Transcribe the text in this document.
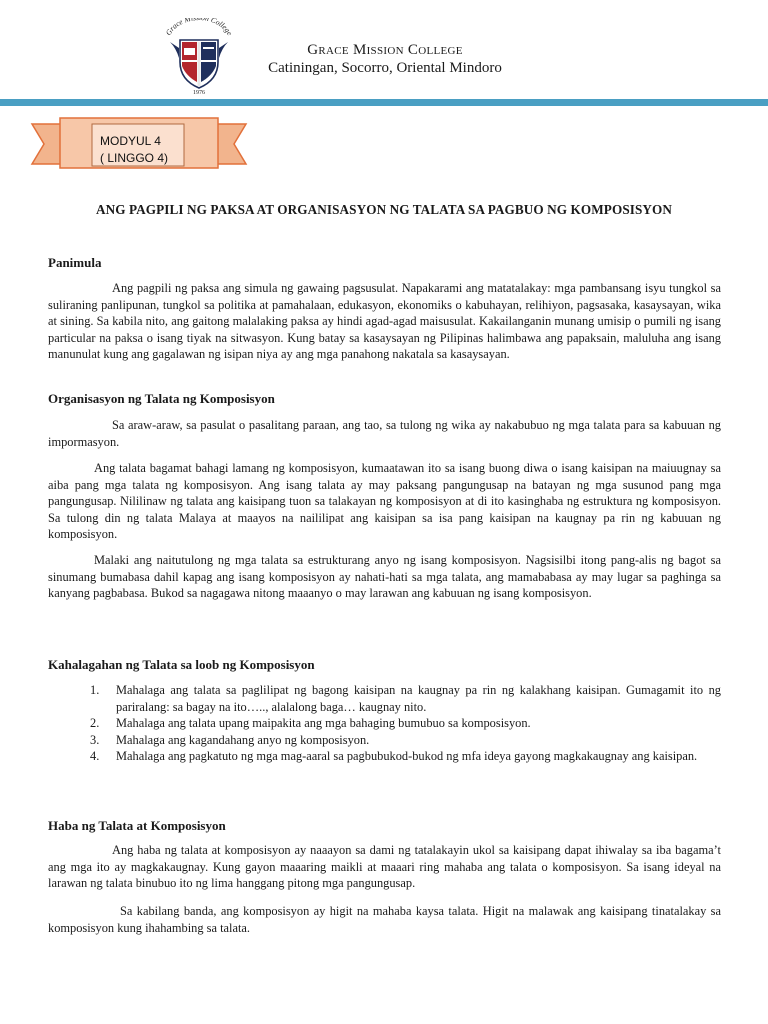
Grace Mi n College
1976
Grace Mission College
Catiningan, Socorro, Oriental Mindoro
MODYUL 4
( LINGGO 4)
ANG PAGPILI NG PAKSA AT ORGANISASYON NG TALATA SA PAGBUO NG KOMPOSISYON
Panimula
Ang pagpili ng paksa ang simula ng gawaing pagsusulat. Napakarami ang matatalakay: mga pambansang isyu tungkol sa suliraning panlipunan, tungkol sa politika at pamahalaan, edukasyon, ekonomiks o kabuhayan, relihiyon, pagsasaka, kasaysayan, wika at sining. Sa kabila nito, ang gaitong malalaking paksa ay hindi agad-agad maisusulat. Kakailanganin munang umisip o pumili ng isang particular na paksa o isang tiyak na sitwasyon. Kung batay sa kasaysayan ng Pilipinas halimbawa ang papaksain, maluluha ang isang manunulat kung ang gagalawan ng isipan niya ay ang mga panahong nakatala sa kasaysayan.
Organisasyon ng Talata ng Komposisyon
Sa araw-araw, sa pasulat o pasalitang paraan, ang tao, sa tulong ng wika ay nakabubuo ng mga talata para sa kabuuan ng impormasyon.
Ang talata bagamat bahagi lamang ng komposisyon, kumaatawan ito sa isang buong diwa o isang kaisipan na maiuugnay sa aiba pang mga talata ng komposisyon. Ang isang talata ay may paksang pangungusap na batayan ng mga susunod pang mga pangungusap. Nililinaw ng talata ang kaisipang tuon sa talakayan ng komposisyon at di ito kasinghaba ng estruktura ng komposisyon. Sa tulong din ng talata Malaya at maayos na naililipat ang kaisipan sa isa pang kaisipan na kaugnay pa rin ng kabuuan ng komposisyon.
Malaki ang naitutulong ng mga talata sa estrukturang anyo ng isang komposisyon. Nagsisilbi itong pang-alis ng bagot sa sinumang bumabasa dahil kapag ang isang komposisyon ay nahati-hati sa mga talata, ang mamababasa ay may lugar sa paghinga sa kanyang pagbabasa. Bukod sa nagagawa nitong maaanyo o may larawan ang kabuuan ng isang komposisyon.
Kahalagahan ng Talata sa loob ng Komposisyon
1. Mahalaga ang talata sa paglilipat ng bagong kaisipan na kaugnay pa rin ng kalakhang kaisipan. Gumagamit ito ng pariralang: sa bagay na ito….., alalalong baga… kaugnay nito.
2. Mahalaga ang talata upang maipakita ang mga bahaging bumubuo sa komposisyon.
3. Mahalaga ang kagandahang anyo ng komposisyon.
4. Mahalaga ang pagkatuto ng mga mag-aaral sa pagbubukod-bukod ng mfa ideya gayong magkakaugnay ang kaisipan.
Haba ng Talata at Komposisyon
Ang haba ng talata at komposisyon ay naaayon sa dami ng tatalakayin ukol sa kaisipang dapat ihiwalay sa iba bagama’t ang mga ito ay magkakaugnay. Kung gayon maaaring maikli at maaari ring mahaba ang talata o komposisyon. Sa isang ideyal na larawan ng talata binubuo ito ng lima hanggang pitong mga pangungusap.
Sa kabilang banda, ang komposisyon ay higit na mahaba kaysa talata. Higit na malawak ang kaisipang tinatalakay sa komposisyon kung ihahambing sa talata.
